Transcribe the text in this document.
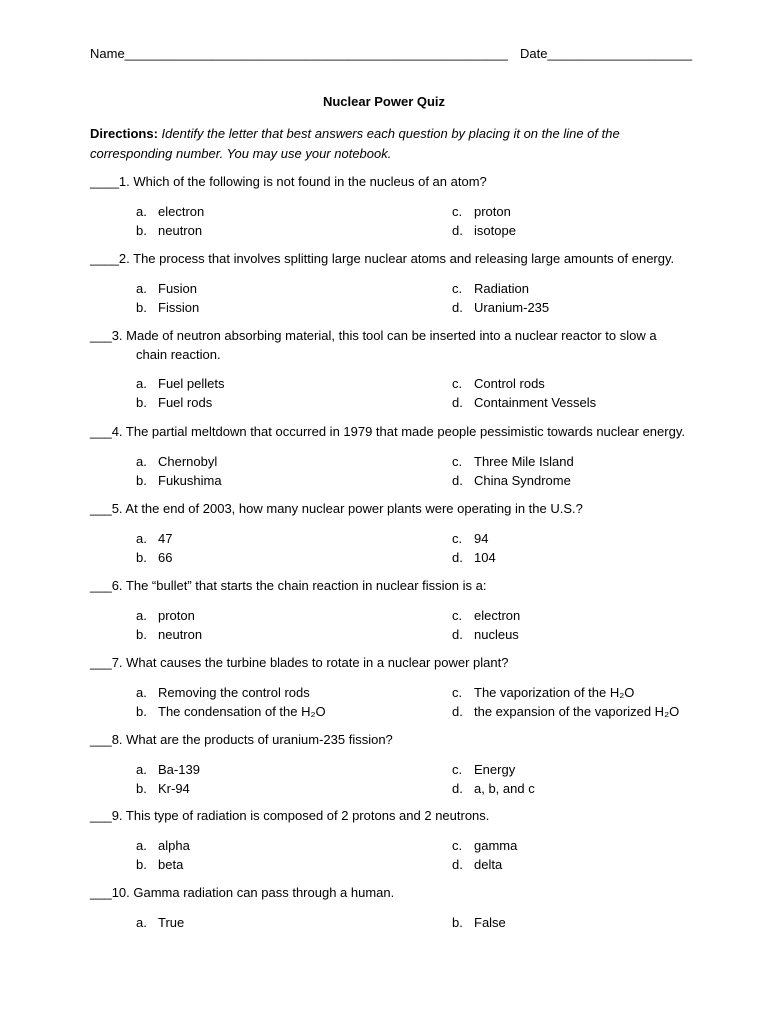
Name_____________________________________________________ Date____________________
Nuclear Power Quiz
Directions: Identify the letter that best answers each question by placing it on the line of the corresponding number. You may use your notebook.
____1. Which of the following is not found in the nucleus of an atom?
a. electron
b. neutron
c. proton
d. isotope
____2. The process that involves splitting large nuclear atoms and releasing large amounts of energy.
a. Fusion
b. Fission
c. Radiation
d. Uranium-235
___3. Made of neutron absorbing material, this tool can be inserted into a nuclear reactor to slow a
chain reaction.
a. Fuel pellets
b. Fuel rods
c. Control rods
d. Containment Vessels
___4. The partial meltdown that occurred in 1979 that made people pessimistic towards nuclear energy.
a. Chernobyl
b. Fukushima
c. Three Mile Island
d. China Syndrome
___5. At the end of 2003, how many nuclear power plants were operating in the U.S.?
a. 47
b. 66
c. 94
d. 104
___6. The “bullet” that starts the chain reaction in nuclear fission is a:
a. proton
b. neutron
c. electron
d. nucleus
___7. What causes the turbine blades to rotate in a nuclear power plant?
a. Removing the control rods
b. The condensation of the H₂O
c. The vaporization of the H₂O
d. the expansion of the vaporized H₂O
___8. What are the products of uranium-235 fission?
a. Ba-139
b. Kr-94
c. Energy
d. a, b, and c
___9. This type of radiation is composed of 2 protons and 2 neutrons.
a. alpha
b. beta
c. gamma
d. delta
___10. Gamma radiation can pass through a human.
a. True	b. False
